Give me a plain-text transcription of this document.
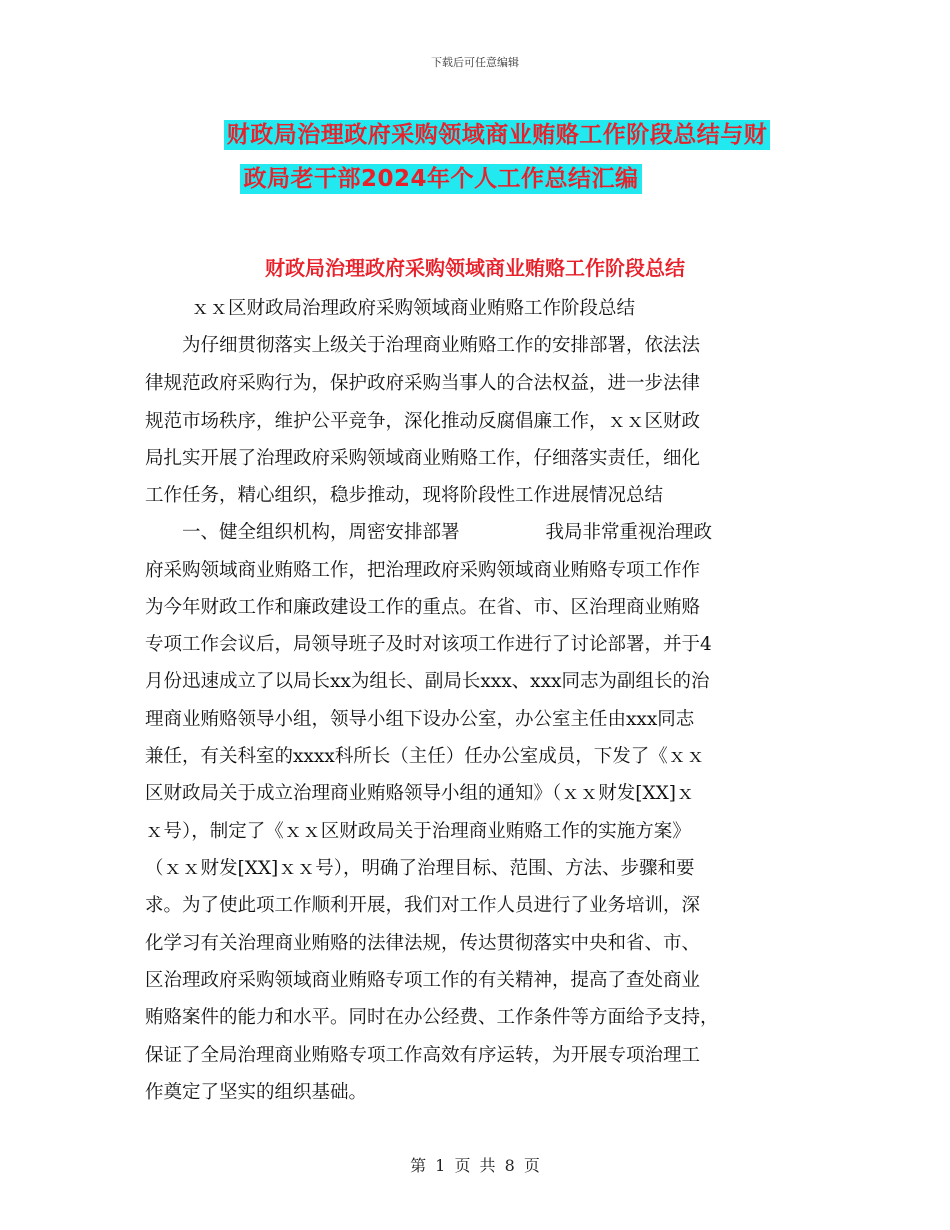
下载后可任意编辑
财政局治理政府采购领域商业贿赂工作阶段总结与财
政局老干部2024年个人工作总结汇编
财政局治理政府采购领域商业贿赂工作阶段总结
ｘｘ区财政局治理政府采购领域商业贿赂工作阶段总结
为仔细贯彻落实上级关于治理商业贿赂工作的安排部署，依法法
律规范政府采购行为，保护政府采购当事人的合法权益，进一步法律
规范市场秩序，维护公平竞争，深化推动反腐倡廉工作，ｘｘ区财政
局扎实开展了治理政府采购领域商业贿赂工作，仔细落实责任，细化
工作任务，精心组织，稳步推动，现将阶段性工作进展情况总结
一、健全组织机构，周密安排部署	我局非常重视治理政
府采购领域商业贿赂工作，把治理政府采购领域商业贿赂专项工作作
为今年财政工作和廉政建设工作的重点。在省、市、区治理商业贿赂
专项工作会议后，局领导班子及时对该项工作进行了讨论部署，并于4
月份迅速成立了以局长xx为组长、副局长xxx、xxx同志为副组长的治
理商业贿赂领导小组，领导小组下设办公室，办公室主任由xxx同志
兼任，有关科室的xxxx科所长（主任）任办公室成员，下发了《ｘｘ
区财政局关于成立治理商业贿赂领导小组的通知》（ｘｘ财发[XX]ｘ
ｘ号），制定了《ｘｘ区财政局关于治理商业贿赂工作的实施方案》
（ｘｘ财发[XX]ｘｘ号），明确了治理目标、范围、方法、步骤和要
求。为了使此项工作顺利开展，我们对工作人员进行了业务培训，深
化学习有关治理商业贿赂的法律法规，传达贯彻落实中央和省、市、
区治理政府采购领域商业贿赂专项工作的有关精神，提高了查处商业
贿赂案件的能力和水平。同时在办公经费、工作条件等方面给予支持，
保证了全局治理商业贿赂专项工作高效有序运转，为开展专项治理工
作奠定了坚实的组织基础。
第 1 页 共 8 页
